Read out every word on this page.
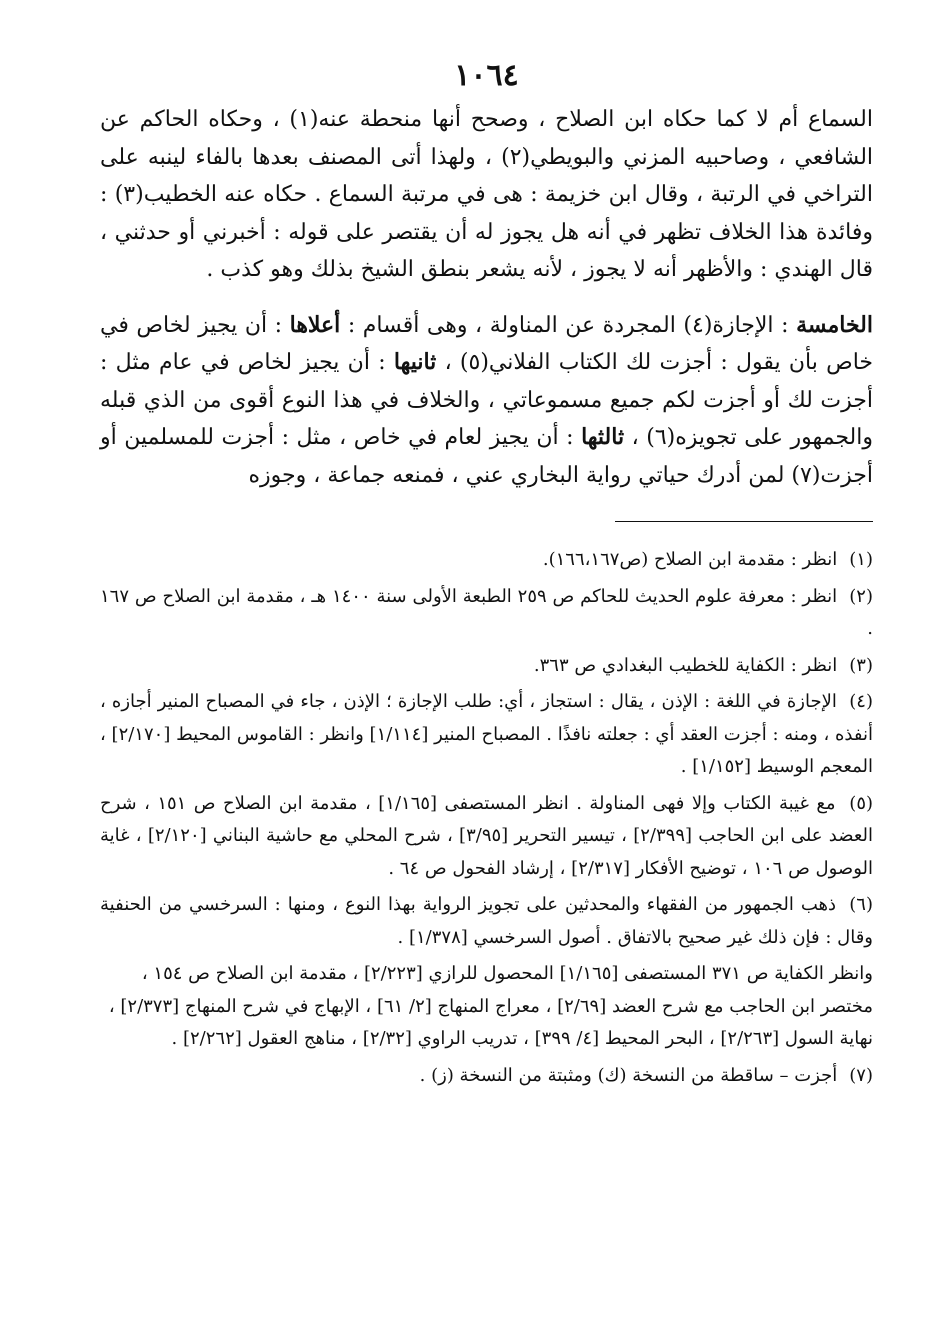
١٠٦٤

السماع أم لا كما حكاه ابن الصلاح ، وصحح أنها منحطة عنه(١) ، وحكاه الحاكم عن الشافعي ، وصاحبيه المزني والبويطي(٢) ، ولهذا أتى المصنف بعدها بالفاء لينبه على التراخي في الرتبة ، وقال ابن خزيمة : هى في مرتبة السماع . حكاه عنه الخطيب(٣) : وفائدة هذا الخلاف تظهر في أنه هل يجوز له أن يقتصر على قوله : أخبرني أو حدثني ، قال الهندي : والأظهر أنه لا يجوز ، لأنه يشعر بنطق الشيخ بذلك وهو كذب .

الخامسة : الإجازة(٤) المجردة عن المناولة ، وهى أقسام : أعلاها : أن يجيز لخاص في خاص بأن يقول : أجزت لك الكتاب الفلاني(٥) ، ثانيها : أن يجيز لخاص في عام مثل : أجزت لك أو أجزت لكم جميع مسموعاتي ، والخلاف في هذا النوع أقوى من الذي قبله والجمهور على تجويزه(٦) ، ثالثها : أن يجيز لعام في خاص ، مثل : أجزت للمسلمين أو أجزت(٧) لمن أدرك حياتي رواية البخاري عني ، فمنعه جماعة ، وجوزه

(١) انظر : مقدمة ابن الصلاح (ص١٦٦،١٦٧).

(٢) انظر : معرفة علوم الحديث للحاكم ص ٢٥٩ الطبعة الأولى سنة ١٤٠٠ هـ ، مقدمة ابن الصلاح ص ١٦٧ .

(٣) انظر : الكفاية للخطيب البغدادي ص ٣٦٣.

(٤) الإجازة في اللغة : الإذن ، يقال : استجاز ، أي: طلب الإجازة ؛ الإذن ، جاء في المصباح المنير أجازه ، أنفذه ، ومنه : أجزت العقد أي : جعلته نافذًا . المصباح المنير [١/١١٤] وانظر : القاموس المحيط [٢/١٧٠] ، المعجم الوسيط [١/١٥٢] .

(٥) مع غيبة الكتاب وإلا فهى المناولة . انظر المستصفى [١/١٦٥] ، مقدمة ابن الصلاح ص ١٥١ ، شرح العضد على ابن الحاجب [٢/٣٩٩] ، تيسير التحرير [٣/٩٥] ، شرح المحلي مع حاشية البناني [٢/١٢٠] ، غاية الوصول ص ١٠٦ ، توضيح الأفكار [٢/٣١٧] ، إرشاد الفحول ص ٦٤ .

(٦) ذهب الجمهور من الفقهاء والمحدثين على تجويز الرواية بهذا النوع ، ومنها : السرخسي من الحنفية وقال : فإن ذلك غير صحيح بالاتفاق . أصول السرخسي [١/٣٧٨] .

وانظر الكفاية ص ٣٧١ المستصفى [١/١٦٥] المحصول للرازي [٢/٢٢٣] ، مقدمة ابن الصلاح ص ١٥٤ ، مختصر ابن الحاجب مع شرح العضد [٢/٦٩] ، معراج المنهاج [٢/ ٦١] ، الإبهاج في شرح المنهاج [٢/٣٧٣] ، نهاية السول [٢/٢٦٣] ، البحر المحيط [٤/ ٣٩٩] ، تدريب الراوي [٢/٣٢] ، مناهج العقول [٢/٢٦٢] .

(٧) أجزت – ساقطة من النسخة (ك) ومثبتة من النسخة (ز) .
